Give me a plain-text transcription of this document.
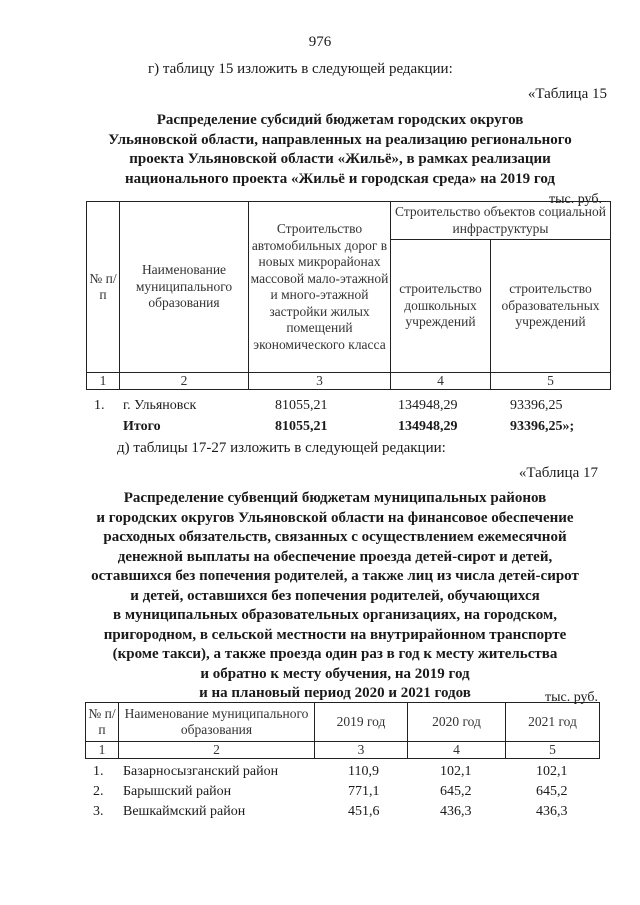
976
г) таблицу 15 изложить в следующей редакции:
«Таблица 15
Распределение субсидий бюджетам городских округов
Ульяновской области, направленных на реализацию регионального
проекта Ульяновской области «Жильё», в рамках реализации
национального проекта «Жильё и городская среда» на 2019 год
тыс. руб.
№ п/п	Наименование муниципального образования	Строительство автомобильных дорог в новых микрорайонах массовой мало-этажной и много-этажной застройки жилых помещений экономического класса	Строительство объектов социальной инфраструктуры	
			строительство дошкольных учреждений	строительство образовательных учреждений
1	2	3	4	5
1. г. Ульяновск	81055,21	134948,29	93396,25
Итого	81055,21	134948,29	93396,25»;
д) таблицы 17-27 изложить в следующей редакции:
«Таблица 17
Распределение субвенций бюджетам муниципальных районов
и городских округов Ульяновской области на финансовое обеспечение
расходных обязательств, связанных с осуществлением ежемесячной
денежной выплаты на обеспечение проезда детей-сирот и детей,
оставшихся без попечения родителей, а также лиц из числа детей-сирот
и детей, оставшихся без попечения родителей, обучающихся
в муниципальных образовательных организациях, на городском,
пригородном, в сельской местности на внутрирайонном транспорте
(кроме такси), а также проезда один раз в год к месту жительства
и обратно к месту обучения, на 2019 год
и на плановый период 2020 и 2021 годов	тыс. руб.
№ п/п	Наименование муниципального образования	2019 год	2020 год	2021 год
1	2	3	4	5
1. Базарносызганский район	110,9	102,1	102,1
2. Барышский район	771,1	645,2	645,2
3. Вешкаймский район	451,6	436,3	436,3
